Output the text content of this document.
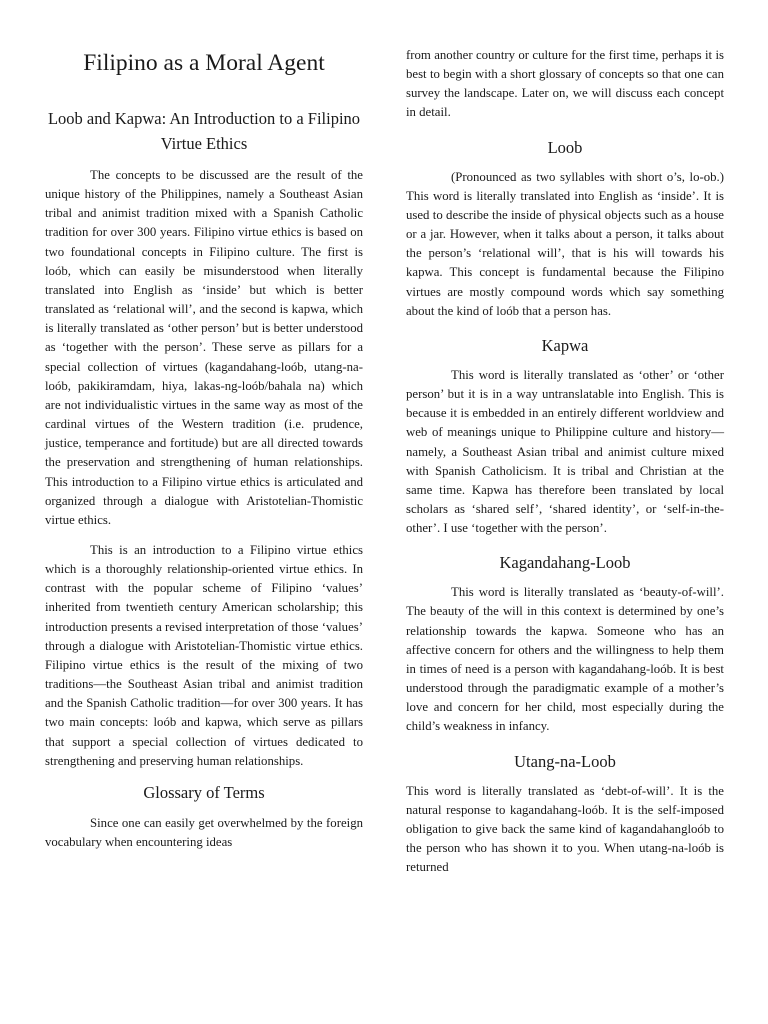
Filipino as a Moral Agent
Loob and Kapwa: An Introduction to a Filipino Virtue Ethics

The concepts to be discussed are the result of the unique history of the Philippines, namely a Southeast Asian tribal and animist tradition mixed with a Spanish Catholic tradition for over 300 years. Filipino virtue ethics is based on two foundational concepts in Filipino culture. The first is loób, which can easily be misunderstood when literally translated into English as ‘inside’ but which is better translated as ‘relational will’, and the second is kapwa, which is literally translated as ‘other person’ but is better understood as ‘together with the person’. These serve as pillars for a special collection of virtues (kagandahang-loób, utang-na-loób, pakikiramdam, hiya, lakas-ng-loób/bahala na) which are not individualistic virtues in the same way as most of the cardinal virtues of the Western tradition (i.e. prudence, justice, temperance and fortitude) but are all directed towards the preservation and strengthening of human relationships. This introduction to a Filipino virtue ethics is articulated and organized through a dialogue with Aristotelian-Thomistic virtue ethics.

This is an introduction to a Filipino virtue ethics which is a thoroughly relationship-oriented virtue ethics. In contrast with the popular scheme of Filipino ‘values’ inherited from twentieth century American scholarship; this introduction presents a revised interpretation of those ‘values’ through a dialogue with Aristotelian-Thomistic virtue ethics. Filipino virtue ethics is the result of the mixing of two traditions—the Southeast Asian tribal and animist tradition and the Spanish Catholic tradition—for over 300 years. It has two main concepts: loób and kapwa, which serve as pillars that support a special collection of virtues dedicated to strengthening and preserving human relationships.

Glossary of Terms

Since one can easily get overwhelmed by the foreign vocabulary when encountering ideas

from another country or culture for the first time, perhaps it is best to begin with a short glossary of concepts so that one can survey the landscape. Later on, we will discuss each concept in detail.

Loob

(Pronounced as two syllables with short o’s, lo-ob.) This word is literally translated into English as ‘inside’. It is used to describe the inside of physical objects such as a house or a jar. However, when it talks about a person, it talks about the person’s ‘relational will’, that is his will towards his kapwa. This concept is fundamental because the Filipino virtues are mostly compound words which say something about the kind of loób that a person has.

Kapwa

This word is literally translated as ‘other’ or ‘other person’ but it is in a way untranslatable into English. This is because it is embedded in an entirely different worldview and web of meanings unique to Philippine culture and history—namely, a Southeast Asian tribal and animist culture mixed with Spanish Catholicism. It is tribal and Christian at the same time. Kapwa has therefore been translated by local scholars as ‘shared self’, ‘shared identity’, or ‘self-in-the-other’. I use ‘together with the person’.

Kagandahang-Loob

This word is literally translated as ‘beauty-of-will’. The beauty of the will in this context is determined by one’s relationship towards the kapwa. Someone who has an affective concern for others and the willingness to help them in times of need is a person with kagandahang-loób. It is best understood through the paradigmatic example of a mother’s love and concern for her child, most especially during the child’s weakness in infancy.

Utang-na-Loob

This word is literally translated as ‘debt-of-will’. It is the natural response to kagandahang-loób. It is the self-imposed obligation to give back the same kind of kagandahangloób to the person who has shown it to you. When utang-na-loób is returned
